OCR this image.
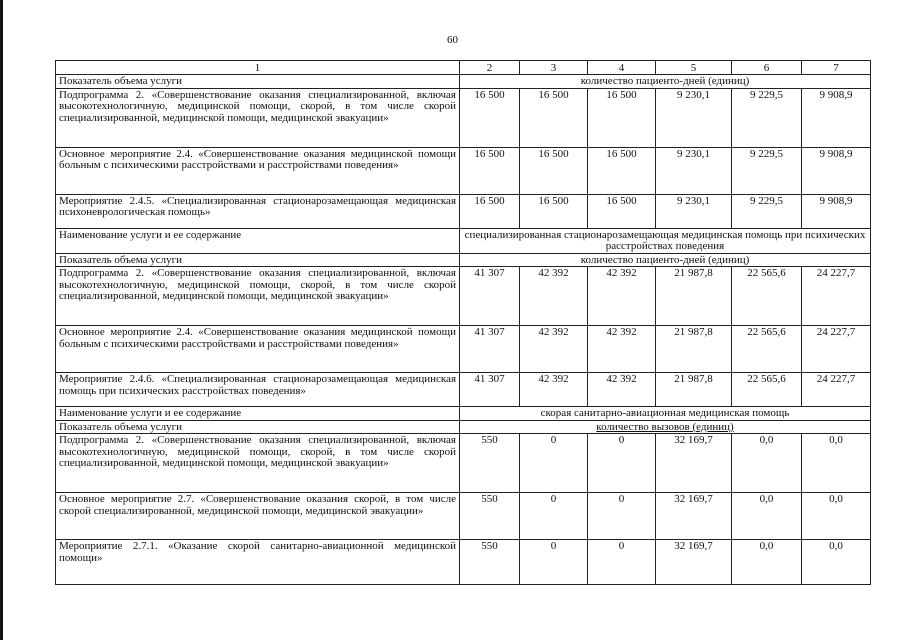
60
1	2	3	4	5	6	7
Показатель объема услуги	количество пациенто-дней (единиц)					
Подпрограмма 2. «Совершенствование оказания специализированной, включая высокотехнологичную, медицинской помощи, скорой, в том числе скорой специализированной, медицинской помощи, медицинской эвакуации»	16 500	16 500	16 500	9 230,1	9 229,5	9 908,9
Основное мероприятие 2.4. «Совершенствование оказания медицинской помощи больным с психическими расстройствами и расстройствами поведения»	16 500	16 500	16 500	9 230,1	9 229,5	9 908,9
Мероприятие 2.4.5. «Специализированная стационарозамещающая медицинская психоневрологическая помощь»	16 500	16 500	16 500	9 230,1	9 229,5	9 908,9
Наименование услуги и ее содержание	специализированная стационарозамещающая медицинская помощь при психических расстройствах поведения					
Показатель объема услуги	количество пациенто-дней (единиц)					
Подпрограмма 2. «Совершенствование оказания специализированной, включая высокотехнологичную, медицинской помощи, скорой, в том числе скорой специализированной, медицинской помощи, медицинской эвакуации»	41 307	42 392	42 392	21 987,8	22 565,6	24 227,7
Основное мероприятие 2.4. «Совершенствование оказания медицинской помощи больным с психическими расстройствами и расстройствами поведения»	41 307	42 392	42 392	21 987,8	22 565,6	24 227,7
Мероприятие 2.4.6. «Специализированная стационарозамещающая медицинская помощь при психических расстройствах поведения»	41 307	42 392	42 392	21 987,8	22 565,6	24 227,7
Наименование услуги и ее содержание	скорая санитарно-авиационная медицинская помощь					
Показатель объема услуги	количество вызовов (единиц)					
Подпрограмма 2. «Совершенствование оказания специализированной, включая высокотехнологичную, медицинской помощи, скорой, в том числе скорой специализированной, медицинской помощи, медицинской эвакуации»	550	0	0	32 169,7	0,0	0,0
Основное мероприятие 2.7. «Совершенствование оказания скорой, в том числе скорой специализированной, медицинской помощи, медицинской эвакуации»	550	0	0	32 169,7	0,0	0,0
Мероприятие 2.7.1. «Оказание скорой санитарно-авиационной медицинской помощи»	550	0	0	32 169,7	0,0	0,0
